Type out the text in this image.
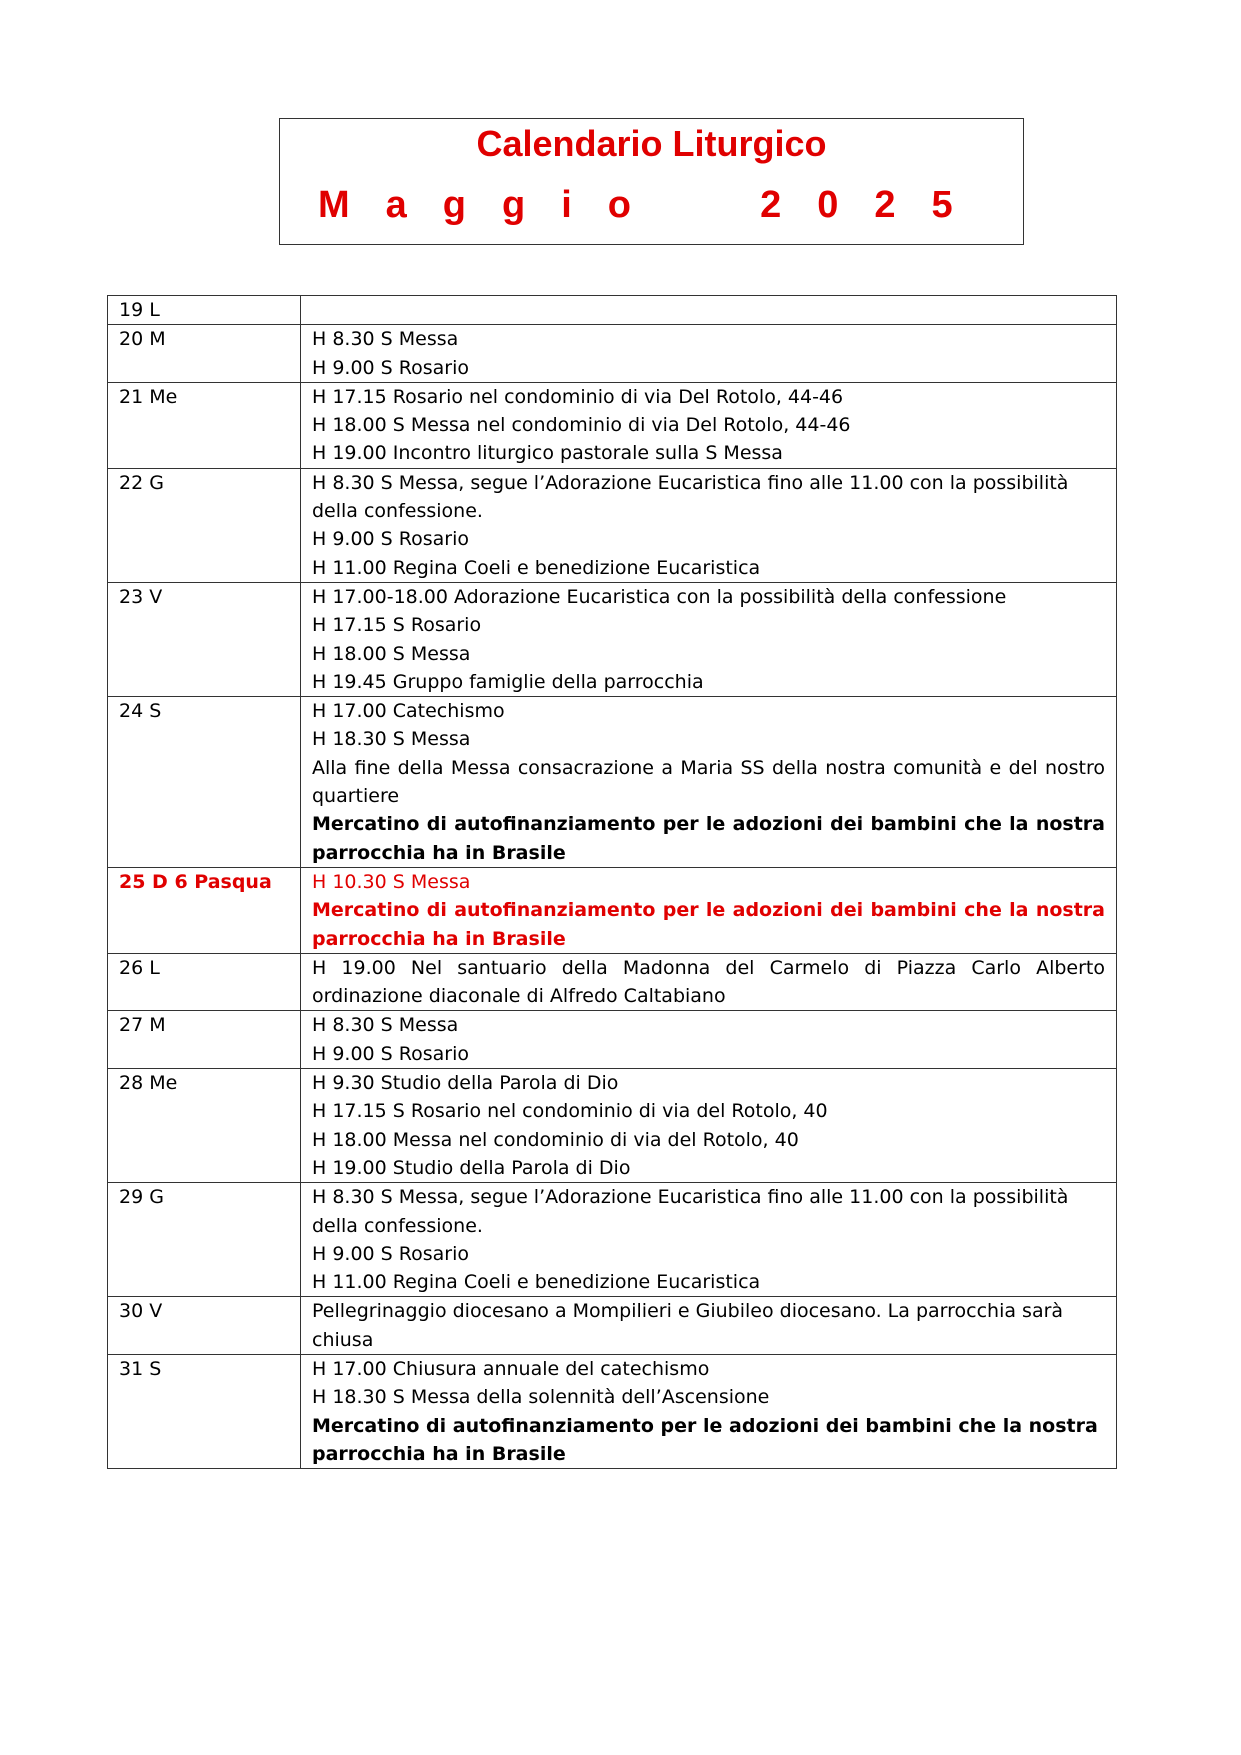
Calendario Liturgico
Maggio  2025
19 L	
20 M	H 8.30 S Messa
H 9.00 S Rosario

21 Me	H 17.15 Rosario nel condominio di via Del Rotolo, 44-46
H 18.00 S Messa nel condominio di via Del Rotolo, 44-46
H 19.00 Incontro liturgico pastorale sulla S Messa

22 G	H 8.30 S Messa, segue l’Adorazione Eucaristica fino alle 11.00 con la possibilità della confessione.
H 9.00 S Rosario
H 11.00 Regina Coeli e benedizione Eucaristica

23 V	H 17.00-18.00 Adorazione Eucaristica con la possibilità della confessione
H 17.15 S Rosario
H 18.00 S Messa
H 19.45 Gruppo famiglie della parrocchia

24 S	H 17.00 Catechismo
H 18.30 S Messa
Alla fine della Messa consacrazione a Maria SS della nostra comunità e del nostro quartiere
Mercatino di autofinanziamento per le adozioni dei bambini che la nostra parrocchia ha in Brasile

25 D 6 Pasqua	H 10.30 S Messa
Mercatino di autofinanziamento per le adozioni dei bambini che la nostra parrocchia ha in Brasile

26 L	H 19.00 Nel santuario della Madonna del Carmelo di Piazza Carlo Alberto ordinazione diaconale di Alfredo Caltabiano

27 M	H 8.30 S Messa
H 9.00 S Rosario

28 Me	H 9.30 Studio della Parola di Dio
H 17.15 S Rosario nel condominio di via del Rotolo, 40
H 18.00 Messa nel condominio di via del Rotolo, 40
H 19.00 Studio della Parola di Dio

29 G	H 8.30 S Messa, segue l’Adorazione Eucaristica fino alle 11.00 con la possibilità della confessione.
H 9.00 S Rosario
H 11.00 Regina Coeli e benedizione Eucaristica

30 V	Pellegrinaggio diocesano a Mompilieri e Giubileo diocesano. La parrocchia sarà chiusa

31 S	H 17.00 Chiusura annuale del catechismo
H 18.30 S Messa della solennità dell’Ascensione
Mercatino di autofinanziamento per le adozioni dei bambini che la nostra parrocchia ha in Brasile
